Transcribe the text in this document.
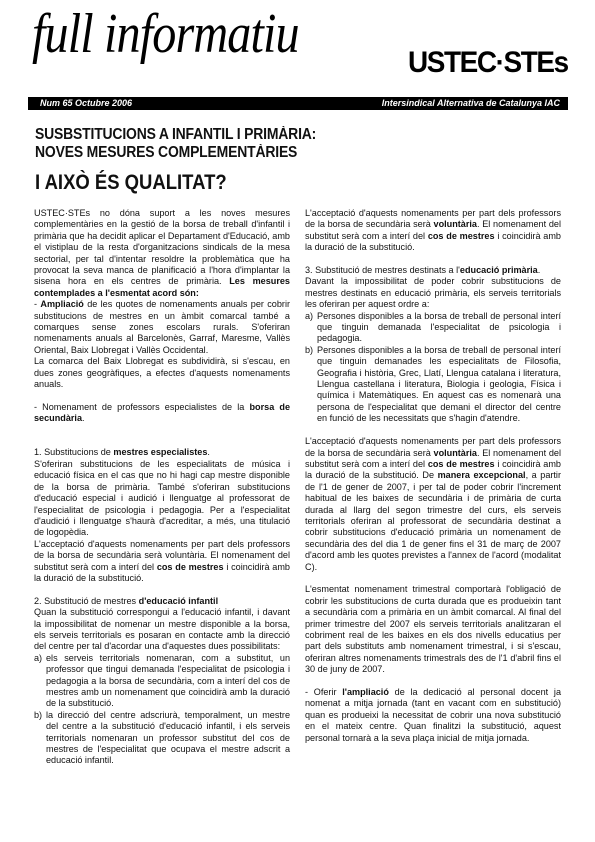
full informatiu	USTEC·STEs
Num 65 Octubre 2006	Intersindical Alternativa de Catalunya IAC
SUSBSTITUCIONS A INFANTIL I PRIMÀRIA:
NOVES MESURES COMPLEMENTÀRIES
I AIXÒ ÉS QUALITAT?

USTEC·STEs no dóna suport a les noves mesures complementàries en la gestió de la borsa de treball d'infantil i primària que ha decidit aplicar el Departament d'Educació, amb el vistiplau de la resta d'organitzacions sindicals de la mesa sectorial, per tal d'intentar resoldre la problemàtica que ha provocat la seva manca de planificació a l'hora d'implantar la sisena hora en els centres de primària. Les mesures contemplades a l'esmentat acord són:

- Ampliació de les quotes de nomenaments anuals per cobrir substitucions de mestres en un àmbit comarcal també a comarques sense zones escolars rurals. S'oferiran nomenaments anuals al Barcelonès, Garraf, Maresme, Vallès Oriental, Baix Llobregat i Vallès Occidental.

La comarca del Baix Llobregat es subdividirà, si s'escau, en dues zones geogràfiques, a efectes d'aquests nomenaments anuals.

- Nomenament de professors especialistes de la borsa de secundària.

1. Substitucions de mestres especialistes.

S'oferiran substitucions de les especialitats de música i educació física en el cas que no hi hagi cap mestre disponible de la borsa de primària. També s'oferiran substitucions d'educació especial i audició i llenguatge al professorat de l'especialitat de psicologia i pedagogia. Per a l'especialitat d'audició i llenguatge s'haurà d'acreditar, a més, una titulació de logopèdia.

L'acceptació d'aquests nomenaments per part dels professors de la borsa de secundària serà voluntària. El nomenament del substitut serà com a interí del cos de mestres i coincidirà amb la duració de la substitució.

2. Substitució de mestres d'educació infantil

Quan la substitució correspongui a l'educació infantil, i davant la impossibilitat de nomenar un mestre disponible a la borsa, els serveis territorials es posaran en contacte amb la direcció del centre per tal d'acordar una d'aquestes dues possibilitats:

a) els serveis territorials nomenaran, com a substitut, un professor que tingui demanada l'especialitat de psicologia i pedagogia a la borsa de secundària, com a interí del cos de mestres amb un nomenament que coincidirà amb la duració de la substitució.
b) la direcció del centre adscriurà, temporalment, un mestre del centre a la substitució d'educació infantil, i els serveis territorials nomenaran un professor substitut del cos de mestres de l'especialitat que ocupava el mestre adscrit a educació infantil.

L'acceptació d'aquests nomenaments per part dels professors de la borsa de secundària serà voluntària. El nomenament del substitut serà com a interí del cos de mestres i coincidirà amb la duració de la substitució.

3. Substitució de mestres destinats a l'educació primària.

Davant la impossibilitat de poder cobrir substitucions de mestres destinats en educació primària, els serveis territorials les oferiran per aquest ordre a:

a) Persones disponibles a la borsa de treball de personal interí que tinguin demanada l'especialitat de psicologia i pedagogia.
b) Persones disponibles a la borsa de treball de personal interí que tinguin demanades les especialitats de Filosofia, Geografia i història, Grec, Llatí, Llengua catalana i literatura, Llengua castellana i literatura, Biologia i geologia, Física i química i Matemàtiques. En aquest cas es nomenarà una persona de l'especialitat que demani el director del centre en funció de les necessitats que s'hagin d'atendre.

L'acceptació d'aquests nomenaments per part dels professors de la borsa de secundària serà voluntària. El nomenament del substitut serà com a interí del cos de mestres i coincidirà amb la duració de la substitució. De manera excepcional, a partir de l'1 de gener de 2007, i per tal de poder cobrir l'increment habitual de les baixes de secundària i de primària de curta durada al llarg del segon trimestre del curs, els serveis territorials oferiran al professorat de secundària destinat a cobrir substitucions d'educació primària un nomenament de secundària des del dia 1 de gener fins el 31 de març de 2007 d'acord amb les quotes previstes a l'annex de l'acord (modalitat C).

L'esmentat nomenament trimestral comportarà l'obligació de cobrir les substitucions de curta durada que es produeixin tant a secundària com a primària en un àmbit comarcal. Al final del primer trimestre del 2007 els serveis territorials analitzaran el cobriment real de les baixes en els dos nivells educatius per part dels substituts amb nomenament trimestral, i si s'escau, oferiran altres nomenaments trimestrals des de l'1 d'abril fins el 30 de juny de 2007.

- Oferir l'ampliació de la dedicació al personal docent ja nomenat a mitja jornada (tant en vacant com en substitució) quan es produeixi la necessitat de cobrir una nova substitució en el mateix centre. Quan finalitzi la substitució, aquest personal tornarà a la seva plaça inicial de mitja jornada.
